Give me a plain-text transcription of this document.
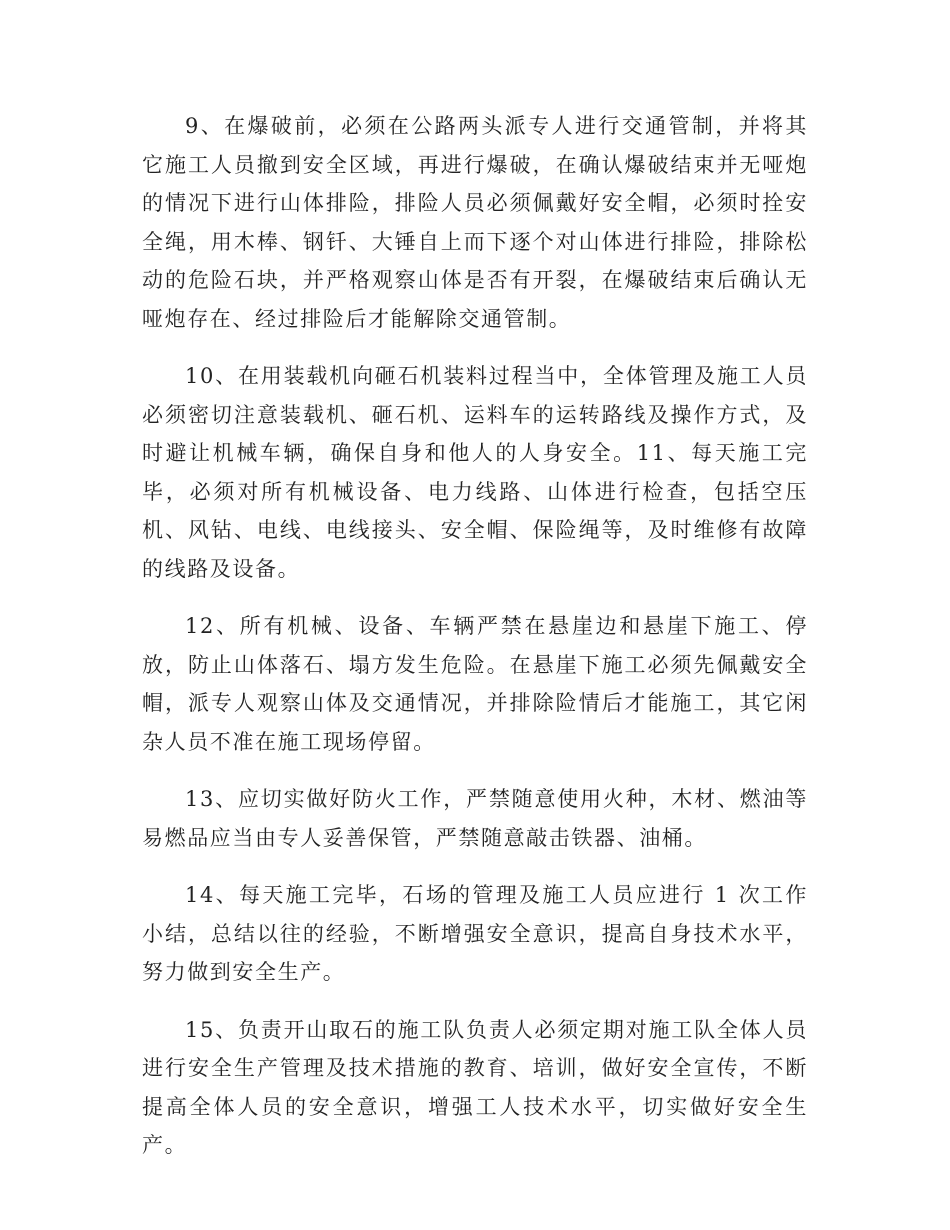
9、在爆破前，必须在公路两头派专人进行交通管制，并将其它施工人员撤到安全区域，再进行爆破，在确认爆破结束并无哑炮的情况下进行山体排险，排险人员必须佩戴好安全帽，必须时拴安全绳，用木棒、钢钎、大锤自上而下逐个对山体进行排险，排除松动的危险石块，并严格观察山体是否有开裂，在爆破结束后确认无哑炮存在、经过排险后才能解除交通管制。

10、在用装载机向砸石机装料过程当中，全体管理及施工人员必须密切注意装载机、砸石机、运料车的运转路线及操作方式，及时避让机械车辆，确保自身和他人的人身安全。11、每天施工完毕，必须对所有机械设备、电力线路、山体进行检查，包括空压机、风钻、电线、电线接头、安全帽、保险绳等，及时维修有故障的线路及设备。

12、所有机械、设备、车辆严禁在悬崖边和悬崖下施工、停放，防止山体落石、塌方发生危险。在悬崖下施工必须先佩戴安全帽，派专人观察山体及交通情况，并排除险情后才能施工，其它闲杂人员不准在施工现场停留。

13、应切实做好防火工作，严禁随意使用火种，木材、燃油等易燃品应当由专人妥善保管，严禁随意敲击铁器、油桶。

14、每天施工完毕，石场的管理及施工人员应进行 1 次工作小结，总结以往的经验，不断增强安全意识，提高自身技术水平，努力做到安全生产。

15、负责开山取石的施工队负责人必须定期对施工队全体人员进行安全生产管理及技术措施的教育、培训，做好安全宣传，不断提高全体人员的安全意识，增强工人技术水平，切实做好安全生产。
